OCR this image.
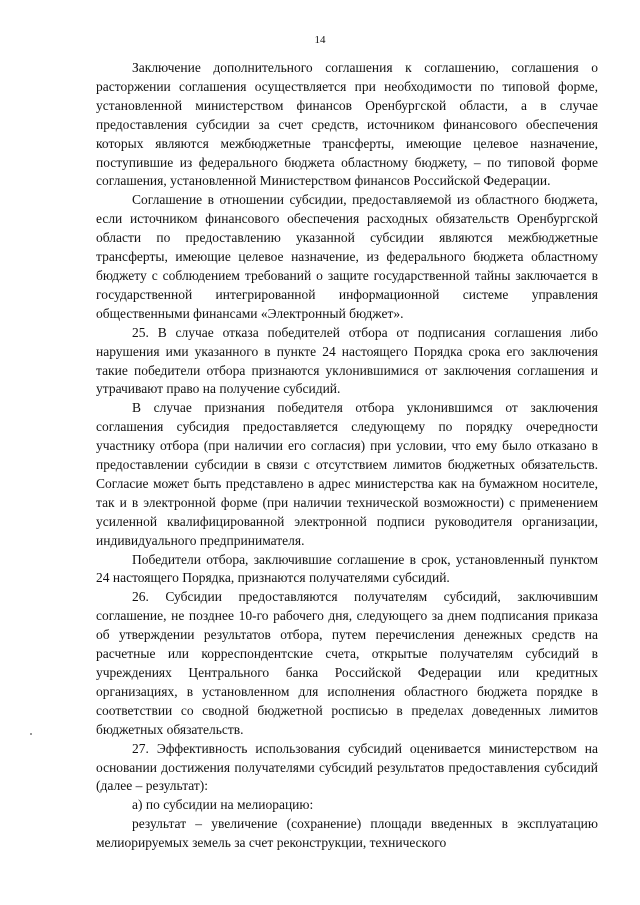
14

Заключение дополнительного соглашения к соглашению, соглашения о расторжении соглашения осуществляется при необходимости по типовой форме, установленной министерством финансов Оренбургской области, а в случае предоставления субсидии за счет средств, источником финансового обеспечения которых являются межбюджетные трансферты, имеющие целевое назначение, поступившие из федерального бюджета областному бюджету, – по типовой форме соглашения, установленной Министерством финансов Российской Федерации.

Соглашение в отношении субсидии, предоставляемой из областного бюджета, если источником финансового обеспечения расходных обязательств Оренбургской области по предоставлению указанной субсидии являются межбюджетные трансферты, имеющие целевое назначение, из федерального бюджета областному бюджету с соблюдением требований о защите государственной тайны заключается в государственной интегрированной информационной системе управления общественными финансами «Электронный бюджет».

25. В случае отказа победителей отбора от подписания соглашения либо нарушения ими указанного в пункте 24 настоящего Порядка срока его заключения такие победители отбора признаются уклонившимися от заключения соглашения и утрачивают право на получение субсидий.

В случае признания победителя отбора уклонившимся от заключения соглашения субсидия предоставляется следующему по порядку очередности участнику отбора (при наличии его согласия) при условии, что ему было отказано в предоставлении субсидии в связи с отсутствием лимитов бюджетных обязательств. Согласие может быть представлено в адрес министерства как на бумажном носителе, так и в электронной форме (при наличии технической возможности) с применением усиленной квалифицированной электронной подписи руководителя организации, индивидуального предпринимателя.

Победители отбора, заключившие соглашение в срок, установленный пунктом 24 настоящего Порядка, признаются получателями субсидий.

26. Субсидии предоставляются получателям субсидий, заключившим соглашение, не позднее 10-го рабочего дня, следующего за днем подписания приказа об утверждении результатов отбора, путем перечисления денежных средств на расчетные или корреспондентские счета, открытые получателям субсидий в учреждениях Центрального банка Российской Федерации или кредитных организациях, в установленном для исполнения областного бюджета порядке в соответствии со сводной бюджетной росписью в пределах доведенных лимитов бюджетных обязательств.

27. Эффективность использования субсидий оценивается министерством на основании достижения получателями субсидий результатов предоставления субсидий (далее – результат):

а) по субсидии на мелиорацию:

результат – увеличение (сохранение) площади введенных в эксплуатацию мелиорируемых земель за счет реконструкции, технического
